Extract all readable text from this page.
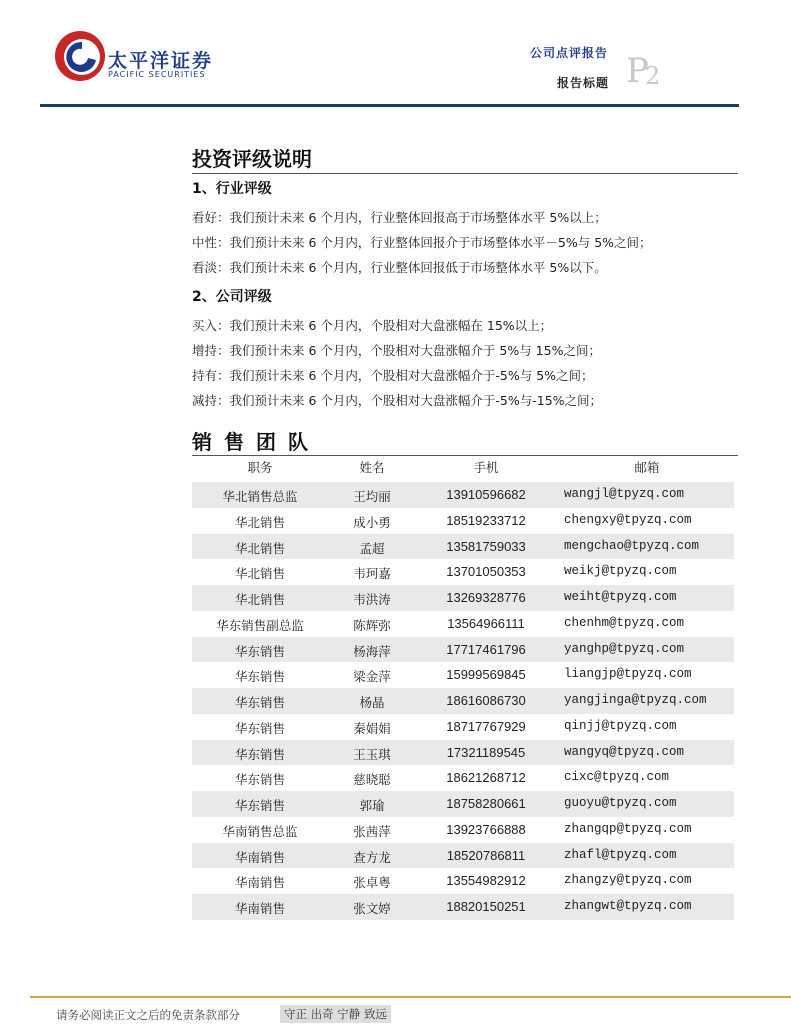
太平洋证券
PACIFIC SECURITIES
公司点评报告
报告标题 P
2
投资评级说明
1、行业评级
看好：我们预计未来 6 个月内，行业整体回报高于市场整体水平 5%以上；
中性：我们预计未来 6 个月内，行业整体回报介于市场整体水平－5%与 5%之间；
看淡：我们预计未来 6 个月内，行业整体回报低于市场整体水平 5%以下。
2、公司评级
买入：我们预计未来 6 个月内，个股相对大盘涨幅在 15%以上；
增持：我们预计未来 6 个月内，个股相对大盘涨幅介于 5%与 15%之间；
持有：我们预计未来 6 个月内，个股相对大盘涨幅介于-5%与 5%之间；
减持：我们预计未来 6 个月内，个股相对大盘涨幅介于-5%与-15%之间；
销售团队
职务	姓名	手机	邮箱
华北销售总监	王均丽	13910596682	wangjl@tpyzq.com
华北销售	成小勇	18519233712	chengxy@tpyzq.com
华北销售	孟超	13581759033	mengchao@tpyzq.com
华北销售	韦珂嘉	13701050353	weikj@tpyzq.com
华北销售	韦洪涛	13269328776	weiht@tpyzq.com
华东销售副总监	陈辉弥	13564966111	chenhm@tpyzq.com
华东销售	杨海萍	17717461796	yanghp@tpyzq.com
华东销售	梁金萍	15999569845	liangjp@tpyzq.com
华东销售	杨晶	18616086730	yangjinga@tpyzq.com
华东销售	秦娟娟	18717767929	qinjj@tpyzq.com
华东销售	王玉琪	17321189545	wangyq@tpyzq.com
华东销售	慈晓聪	18621268712	cixc@tpyzq.com
华东销售	郭瑜	18758280661	guoyu@tpyzq.com
华南销售总监	张茜萍	13923766888	zhangqp@tpyzq.com
华南销售	查方龙	18520786811	zhafl@tpyzq.com
华南销售	张卓粤	13554982912	zhangzy@tpyzq.com
华南销售	张文婷	18820150251	zhangwt@tpyzq.com
请务必阅读正文之后的免责条款部分	守正 出奇 宁静 致远
